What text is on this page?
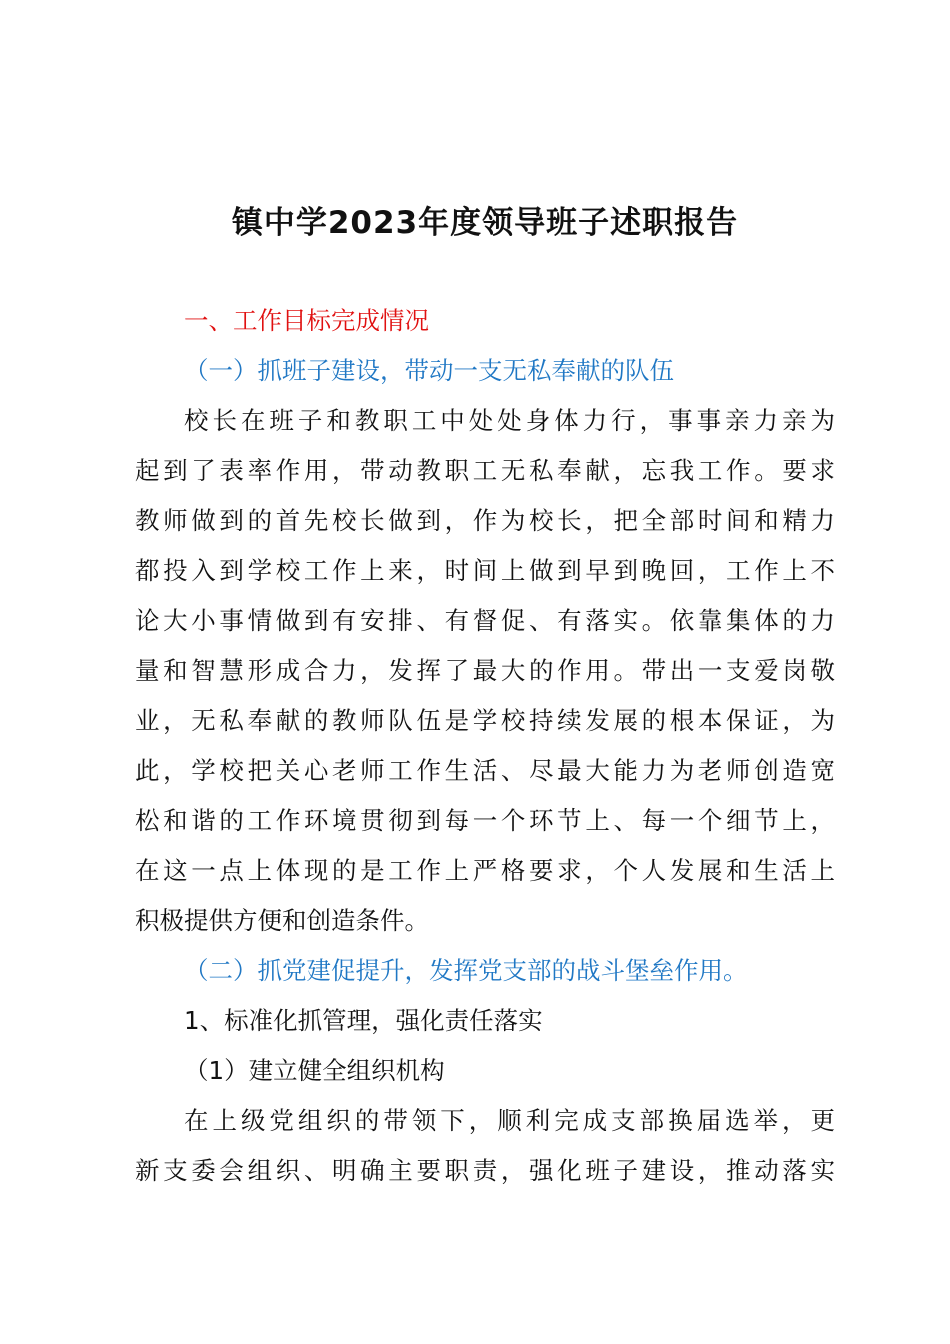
镇中学2023年度领导班子述职报告

一、工作目标完成情况

（一）抓班子建设，带动一支无私奉献的队伍

校长在班子和教职工中处处身体力行，事事亲力亲为

起到了表率作用，带动教职工无私奉献，忘我工作。要求

教师做到的首先校长做到，作为校长，把全部时间和精力

都投入到学校工作上来，时间上做到早到晚回，工作上不

论大小事情做到有安排、有督促、有落实。依靠集体的力

量和智慧形成合力，发挥了最大的作用。带出一支爱岗敬

业，无私奉献的教师队伍是学校持续发展的根本保证，为

此，学校把关心老师工作生活、尽最大能力为老师创造宽

松和谐的工作环境贯彻到每一个环节上、每一个细节上，

在这一点上体现的是工作上严格要求，个人发展和生活上

积极提供方便和创造条件。

（二）抓党建促提升，发挥党支部的战斗堡垒作用。

1、标准化抓管理，强化责任落实

（1）建立健全组织机构

在上级党组织的带领下，顺利完成支部换届选举，更

新支委会组织、明确主要职责，强化班子建设，推动落实
